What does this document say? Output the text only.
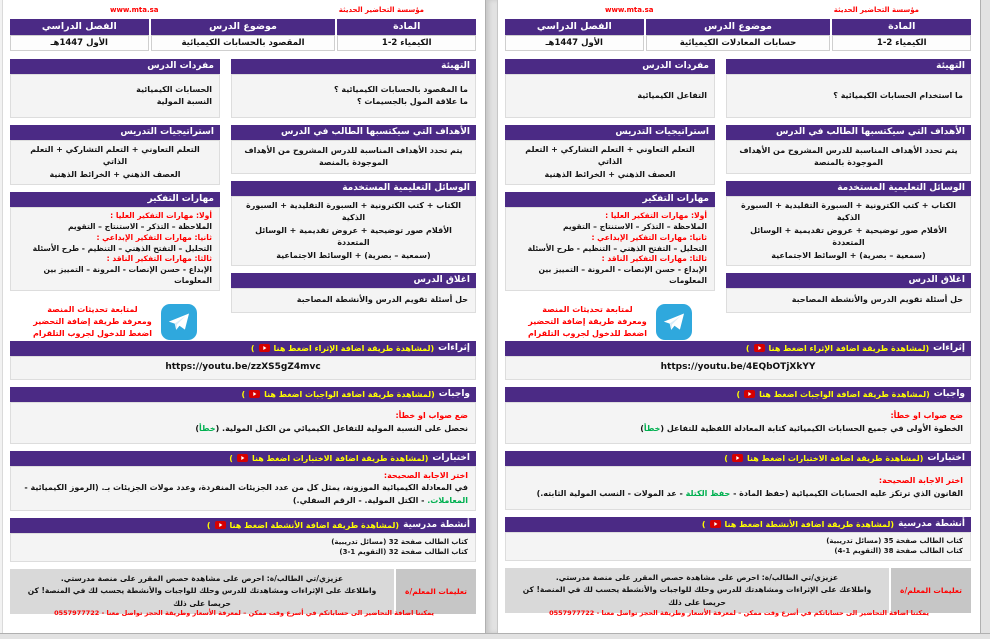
www.mta.sa	مؤسسة التحاضير الحديثة
المادة
الكيمياء 2-1
موضوع الدرس
المقصود بالحسابات الكيميائية
الفصل الدراسي
الأول 1447هـ
التهيئة
ما المقصود بالحسابات الكيميائية ؟
ما علاقة المول بالجسيمات ؟
الأهداف التي سيكتسبها الطالب في الدرس
يتم تحدد الأهداف المناسبة للدرس المشروح من الأهداف الموجودة بالمنصة
الوسائل التعليمية المستخدمة
الكتاب + كتب الكترونية + السبورة التقليدية + السبورة الذكية
الأقلام صور توضيحية + عروض تقديمية + الوسائل المتعددة
(سمعية – بصرية) + الوسائط الاجتماعية
اغلاق الدرس
حل أسئلة تقويم الدرس والأنشطة المصاحبة
مفردات الدرس
الحسابات الكيميائية
النسبة المولية
استراتيجيات التدريس
التعلم التعاوني + التعلم التشاركي + التعلم الذاتي
العصف الذهني + الخرائط الذهنية
مهارات التفكير
أولا: مهارات التفكير العليا :
الملاحظة – التذكر – الاستنتاج – التقويم
ثانيا: مهارات التفكير الإبداعي :
التحليل – التفتح الذهني – التنظيم - طرح الأسئلة
ثالثا: مهارات التفكير الناقد :
الإبداع - حسن الإنصات - المرونة – التمييز بين المعلومات
لمتابعة تحديثات المنصة
ومعرفة طريقة إضافة التحضير
اضغط للدخول لجروب التلقرام
إثراءات
(لمشاهدة طريقة اضافة الإثراء اضغط هنا
)
https://youtu.be/zzXS5gZ4mvc
واجبات
(لمشاهدة طريقة اضافة الواجبات اضغط هنا
)
ضع صواب او خطأ:
نحصل على النسبة المولية للتفاعل الكيميائي من الكتل المولية. (خطأ)
اختبارات
(لمشاهدة طريقة اضافة الاختبارات اضغط هنا
)
اختر الاجابة الصحيحة:
في المعادلة الكيميائية الموزونة، يمثل كل من عدد الجزيئات المنفردة، وعدد مولات الجزيئات بـ. (الرموز الكيميائية - المعاملات. - الكتل المولية. - الرقم السفلي.)
أنشطة مدرسية
(لمشاهدة طريقة اضافة الأنشطة اضغط هنا
)
كتاب الطالب صفحة 32 (مسائل تدريبية)
كتاب الطالب صفحة 32 (التقويم 1-3)
تعليمات المعلم/ة
عزيزي/تي الطالب/ة: احرص على مشاهدة حصص المقرر على منصة مدرستي.
واطلاعك على الإثراءات ومشاهدتك للدرس وحلك للواجبات والأنشطة يحسب لك في المنصة! كن حريصا على ذلك
يمكننا اضافة التحاضير الى حساباتكم في أسرع وقت ممكن – لمعرفة الأسعار وطريقة الحجز تواصل معنا - 0557977722
www.mta.sa	مؤسسة التحاضير الحديثة
المادة
الكيمياء 2-1
موضوع الدرس
حسابات المعادلات الكيميائية
الفصل الدراسي
الأول 1447هـ
التهيئة
ما استخدام الحسابات الكيميائية ؟
الأهداف التي سيكتسبها الطالب في الدرس
يتم تحدد الأهداف المناسبة للدرس المشروح من الأهداف الموجودة بالمنصة
الوسائل التعليمية المستخدمة
الكتاب + كتب الكترونية + السبورة التقليدية + السبورة الذكية
الأقلام صور توضيحية + عروض تقديمية + الوسائل المتعددة
(سمعية – بصرية) + الوسائط الاجتماعية
اغلاق الدرس
حل أسئلة تقويم الدرس والأنشطة المصاحبة
مفردات الدرس
التفاعل الكيميائية
استراتيجيات التدريس
التعلم التعاوني + التعلم التشاركي + التعلم الذاتي
العصف الذهني + الخرائط الذهنية
مهارات التفكير
أولا: مهارات التفكير العليا :
الملاحظة – التذكر – الاستنتاج – التقويم
ثانيا: مهارات التفكير الإبداعي :
التحليل – التفتح الذهني – التنظيم - طرح الأسئلة
ثالثا: مهارات التفكير الناقد :
الإبداع - حسن الإنصات - المرونة – التمييز بين المعلومات
لمتابعة تحديثات المنصة
ومعرفة طريقة إضافة التحضير
اضغط للدخول لجروب التلقرام
إثراءات
(لمشاهدة طريقة اضافة الإثراء اضغط هنا
)
https://youtu.be/4EQbOTjXkYY
واجبات
(لمشاهدة طريقة اضافة الواجبات اضغط هنا
)
ضع صواب او خطأ:
الخطوة الأولى في جميع الحسابات الكيميائية كتابة المعادلة اللفظية للتفاعل (خطأ)
اختبارات
(لمشاهدة طريقة اضافة الاختبارات اضغط هنا
)
اختر الاجابة الصحيحة:
القانون الذي ترتكز عليه الحسابات الكيميائية (حفظ المادة - حفظ الكتلة - عد المولات - النسب المولية الثابته.)
أنشطة مدرسية
(لمشاهدة طريقة اضافة الأنشطة اضغط هنا
)
كتاب الطالب صفحة 35 (مسائل تدريبية)
كتاب الطالب صفحة 38 (التقويم 1-4)
تعليمات المعلم/ة
عزيزي/تي الطالب/ة: احرص على مشاهدة حصص المقرر على منصة مدرستي.
واطلاعك على الإثراءات ومشاهدتك للدرس وحلك للواجبات والأنشطة يحسب لك في المنصة! كن حريصا على ذلك
يمكننا اضافة التحاضير الى حساباتكم في أسرع وقت ممكن – لمعرفة الأسعار وطريقة الحجز تواصل معنا - 0557977722
